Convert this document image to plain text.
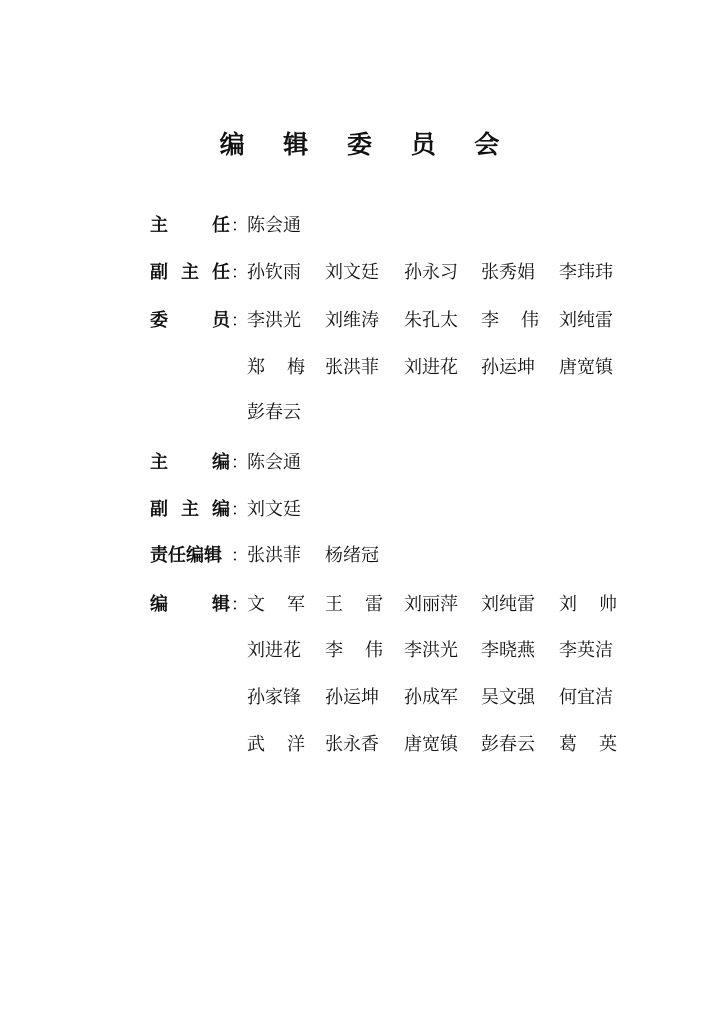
编 辑 委 员 会
主 任 ： 陈会通
副 主 任 ： 孙钦雨 刘文廷 孙永习 张秀娟 李玮玮
委 员 ： 李洪光 刘维涛 朱孔太 李 伟 刘纯雷
郑 梅 张洪菲 刘进花 孙运坤 唐宽镇
彭春云
主 编 ： 陈会通
副 主 编 ： 刘文廷
责任编辑 ： 张洪菲 杨绪冠
编 辑 ： 文 军 王 雷 刘丽萍 刘纯雷 刘 帅
刘进花 李 伟 李洪光 李晓燕 李英洁
孙家锋 孙运坤 孙成军 吴文强 何宜洁
武 洋 张永香 唐宽镇 彭春云 葛 英
